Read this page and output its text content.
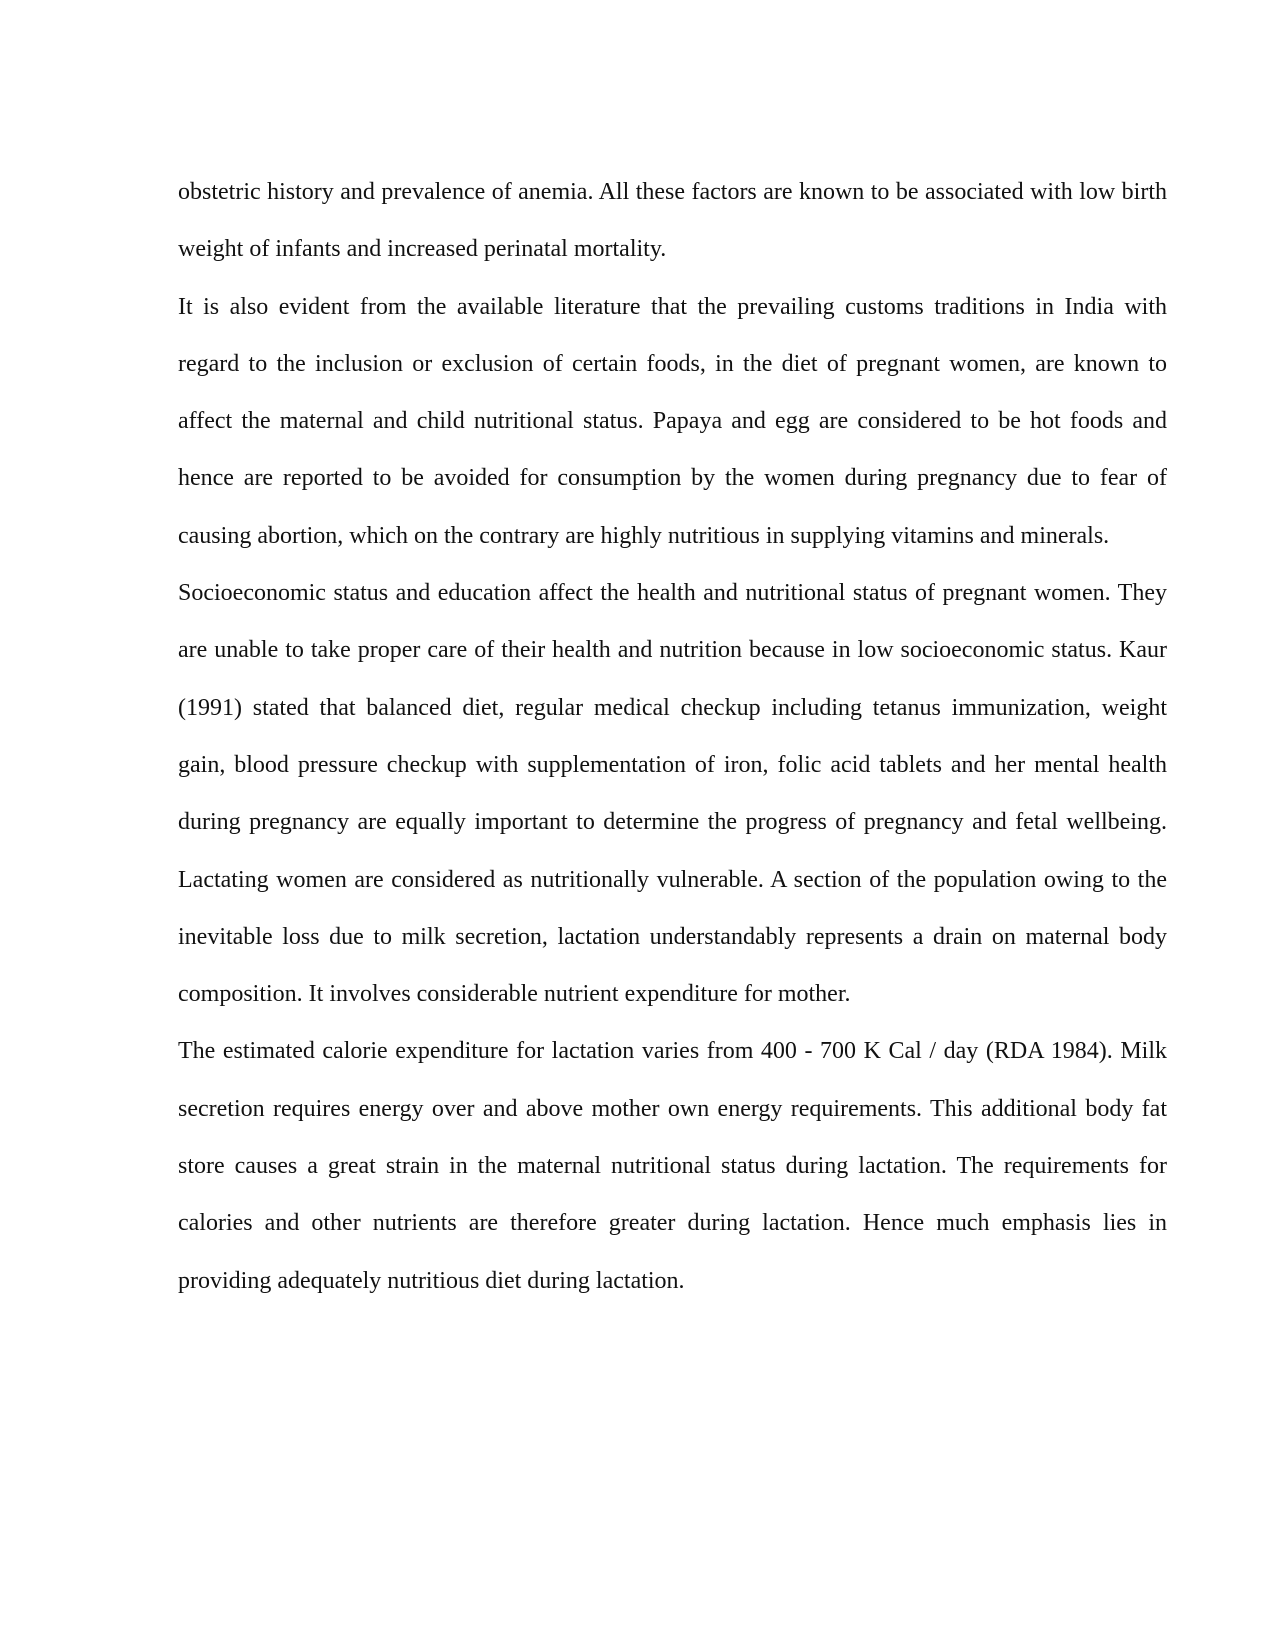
obstetric history and prevalence of anemia. All these factors are known to be associated with low birth weight of infants and increased perinatal mortality.

It is also evident from the available literature that the prevailing customs traditions in India with regard to the inclusion or exclusion of certain foods, in the diet of pregnant women, are known to affect the maternal and child nutritional status. Papaya and egg are considered to be hot foods and hence are reported to be avoided for consumption by the women during pregnancy due to fear of causing abortion, which on the contrary are highly nutritious in supplying vitamins and minerals.

Socioeconomic status and education affect the health and nutritional status of pregnant women. They are unable to take proper care of their health and nutrition because in low socioeconomic status. Kaur (1991) stated that balanced diet, regular medical checkup including tetanus immunization, weight gain, blood pressure checkup with supplementation of iron, folic acid tablets and her mental health during pregnancy are equally important to determine the progress of pregnancy and fetal wellbeing. Lactating women are considered as nutritionally vulnerable. A section of the population owing to the inevitable loss due to milk secretion, lactation understandably represents a drain on maternal body composition. It involves considerable nutrient expenditure for mother.

The estimated calorie expenditure for lactation varies from 400 - 700 K Cal / day (RDA 1984). Milk secretion requires energy over and above mother own energy requirements. This additional body fat store causes a great strain in the maternal nutritional status during lactation. The requirements for calories and other nutrients are therefore greater during lactation. Hence much emphasis lies in providing adequately nutritious diet during lactation.
